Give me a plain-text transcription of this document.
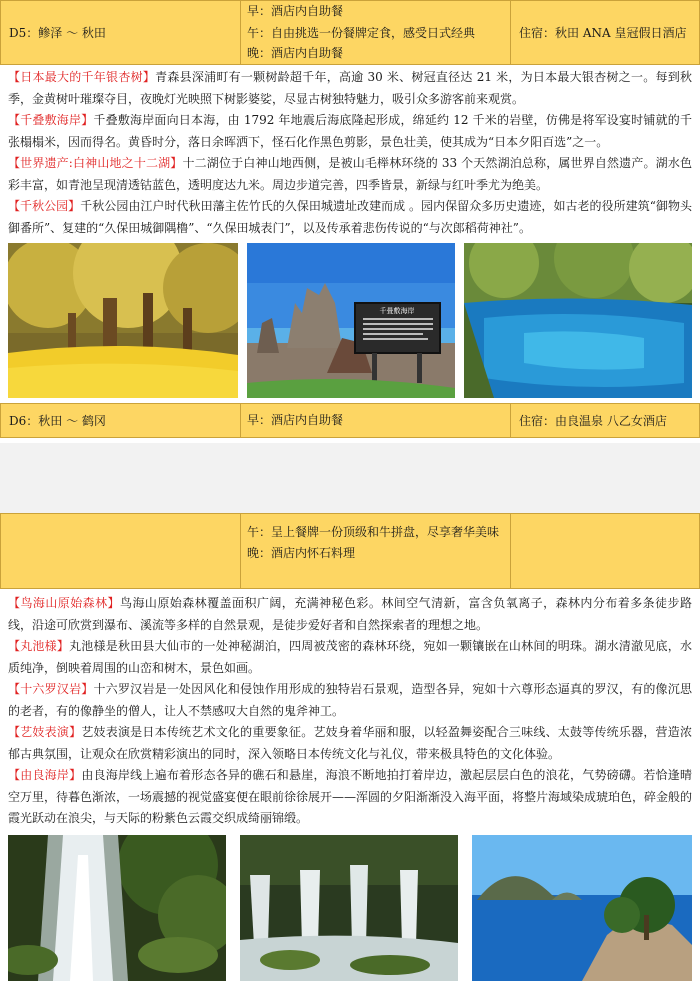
D5：鲹泽 ～ 秋田
早：酒店内自助餐
午：自由挑选一份餐牌定食，感受日式经典
晚：酒店内自助餐
住宿：秋田 ANA 皇冠假日酒店

【日本最大的千年银杏树】青森县深浦町有一颗树龄超千年，高逾 30 米、树冠直径达 21 米，为日本最大银杏树之一。每到秋季，金黄树叶璀璨夺目，夜晚灯光映照下树影婆娑，尽显古树独特魅力，吸引众多游客前来观赏。

【千叠敷海岸】千叠敷海岸面向日本海，由 1792 年地震后海底隆起形成，绵延约 12 千米的岩壁，仿佛是将军设宴时铺就的千张榻榻米，因而得名。黄昏时分，落日余晖洒下，怪石化作黑色剪影，景色壮美，使其成为“日本夕阳百选”之一。

【世界遗产:白神山地之十二湖】十二湖位于白神山地西侧，是被山毛榉林环绕的 33 个天然湖泊总称，属世界自然遗产。湖水色彩丰富，如青池呈现清透钴蓝色，透明度达九米。周边步道完善，四季皆景，新绿与红叶季尤为绝美。

【千秋公园】千秋公园由江户时代秋田藩主佐竹氏的久保田城遗址改建而成 。园内保留众多历史遗迹，如古老的役所建筑“御物头御番所”、复建的“久保田城御隅橹”、“久保田城表门”，以及传承着悲伤传说的“与次郎稻荷神社”。

千畳敷海岸
D6：秋田 ～ 鹤冈	早：酒店内自助餐	住宿：由良温泉 八乙女酒店
午：呈上餐牌一份顶级和牛拼盘，尽享奢华美味
晚：酒店内怀石料理

【鸟海山原始森林】鸟海山原始森林覆盖面积广阔，充满神秘色彩。林间空气清新，富含负氧离子，森林内分布着多条徒步路线，沿途可欣赏到瀑布、溪流等多样的自然景观，是徒步爱好者和自然探索者的理想之地。

【丸池様】丸池様是秋田县大仙市的一处神秘湖泊，四周被茂密的森林环绕，宛如一颗镶嵌在山林间的明珠。湖水清澈见底，水质纯净，倒映着周围的山峦和树木，景色如画。

【十六罗汉岩】十六罗汉岩是一处因风化和侵蚀作用形成的独特岩石景观，造型各异，宛如十六尊形态逼真的罗汉，有的像沉思的老者，有的像静坐的僧人，让人不禁感叹大自然的鬼斧神工。

【艺妓表演】艺妓表演是日本传统艺术文化的重要象征。艺妓身着华丽和服，以轻盈舞姿配合三味线、太鼓等传统乐器，营造浓郁古典氛围，让观众在欣赏精彩演出的同时，深入领略日本传统文化与礼仪，带来极具特色的文化体验。

【由良海岸】由良海岸线上遍布着形态各异的礁石和悬崖，海浪不断地拍打着岸边，激起层层白色的浪花，气势磅礴。若恰逢晴空万里，待暮色渐浓，一场震撼的视觉盛宴便在眼前徐徐展开——浑圆的夕阳渐渐没入海平面，将整片海域染成琥珀色，碎金般的霞光跃动在浪尖，与天际的粉紫色云霞交织成绮丽锦缎。
